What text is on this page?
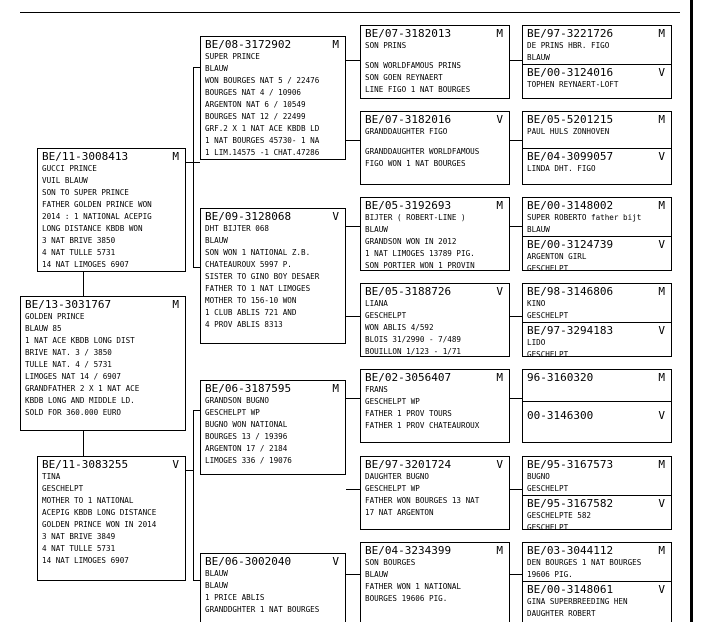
BE/13-3031767	M
GOLDEN PRINCE
BLAUW 85
1 NAT ACE KBDB LONG DIST
BRIVE NAT. 3 / 3850
TULLE NAT. 4 / 5731
LIMOGES NAT 14 / 6907
GRANDFATHER 2 X 1 NAT ACE
KBDB LONG AND MIDDLE LD.
SOLD FOR 360.000 EURO
BE/11-3008413	M
GUCCI PRINCE
VUIL BLAUW
SON TO SUPER PRINCE
FATHER GOLDEN PRINCE WON
2014 : 1 NATIONAL ACEPIG
LONG DISTANCE KBDB WON
3 NAT BRIVE 3850
4 NAT TULLE 5731
14 NAT LIMOGES 6907
BE/11-3083255	V
TINA
GESCHELPT
MOTHER TO 1 NATIONAL
ACEPIG KBDB LONG DISTANCE
GOLDEN PRINCE WON IN 2014
3 NAT BRIVE 3849
4 NAT TULLE 5731
14 NAT LIMOGES 6907
BE/08-3172902	M
SUPER PRINCE
BLAUW
WON BOURGES NAT 5 / 22476
BOURGES NAT 4 / 10906
ARGENTON NAT 6 / 10549
BOURGES NAT 12 / 22499
GRF.2 X 1 NAT ACE KBDB LD
1 NAT BOURGES 45730- 1 NA
1 LIM.14575 -1 CHAT.47286
BE/09-3128068	V
DHT BIJTER 068
BLAUW
SON WON 1 NATIONAL Z.B.
CHATEAUROUX 5997 P.
SISTER TO GINO BOY DESAER
FATHER TO 1 NAT LIMOGES
MOTHER TO 156-10 WON
1 CLUB ABLIS 721 AND
4 PROV ABLIS 8313
BE/06-3187595	M
GRANDSON BUGNO
GESCHELPT WP
BUGNO WON NATIONAL
BOURGES 13 / 19396
ARGENTON 17 / 2184
LIMOGES 336 / 19076
BE/06-3002040	V
BLAUW
BLAUW
1 PRICE ABLIS
GRANDDGHTER 1 NAT BOURGES
BE/07-3182013	M
SON PRINS
SON WORLDFAMOUS PRINS
SON GOEN REYNAERT
LINE FIGO 1 NAT BOURGES
BE/07-3182016	V
GRANDDAUGHTER FIGO
GRANDDAUGHTER WORLDFAMOUS
FIGO WON 1 NAT BOURGES
BE/05-3192693	M
BIJTER ( ROBERT-LINE )
BLAUW
GRANDSON WON IN 2012
1 NAT LIMOGES 13789 PIG.
SON PORTIER WON 1 PROVIN
BE/05-3188726	V
LIANA
GESCHELPT
WON ABLIS 4/592
BLOIS 31/2990 - 7/489
BOUILLON 1/123 - 1/71
BE/02-3056407	M
FRANS
GESCHELPT WP
FATHER 1 PROV TOURS
FATHER 1 PROV CHATEAUROUX
BE/97-3201724	V
DAUGHTER BUGNO
GESCHELPT WP
FATHER WON BOURGES 13 NAT
17 NAT ARGENTON
BE/04-3234399	M
SON BOURGES
BLAUW
FATHER WON 1 NATIONAL
BOURGES 19606 PIG.
BE/97-3221726	M
DE PRINS HBR. FIGO
BLAUW
BE/00-3124016	V
TOPHEN REYNAERT-LOFT
BE/05-5201215	M
PAUL HULS ZONHOVEN
BE/04-3099057	V
LINDA DHT. FIGO
BE/00-3148002	M
SUPER ROBERTO father bijt
BLAUW
BE/00-3124739	V
ARGENTON GIRL
GESCHELPT
BE/98-3146806	M
KINO
GESCHELPT
BE/97-3294183	V
LIDO
GESCHELPT
96-3160320	M
00-3146300	V
BE/95-3167573	M
BUGNO
GESCHELPT
BE/95-3167582	V
GESCHELPTE 582
GESCHELPT
BE/03-3044112	M
DEN BOURGES 1 NAT BOURGES
19606 PIG.
BE/00-3148061	V
GINA SUPERBREEDING HEN
DAUGHTER ROBERT
